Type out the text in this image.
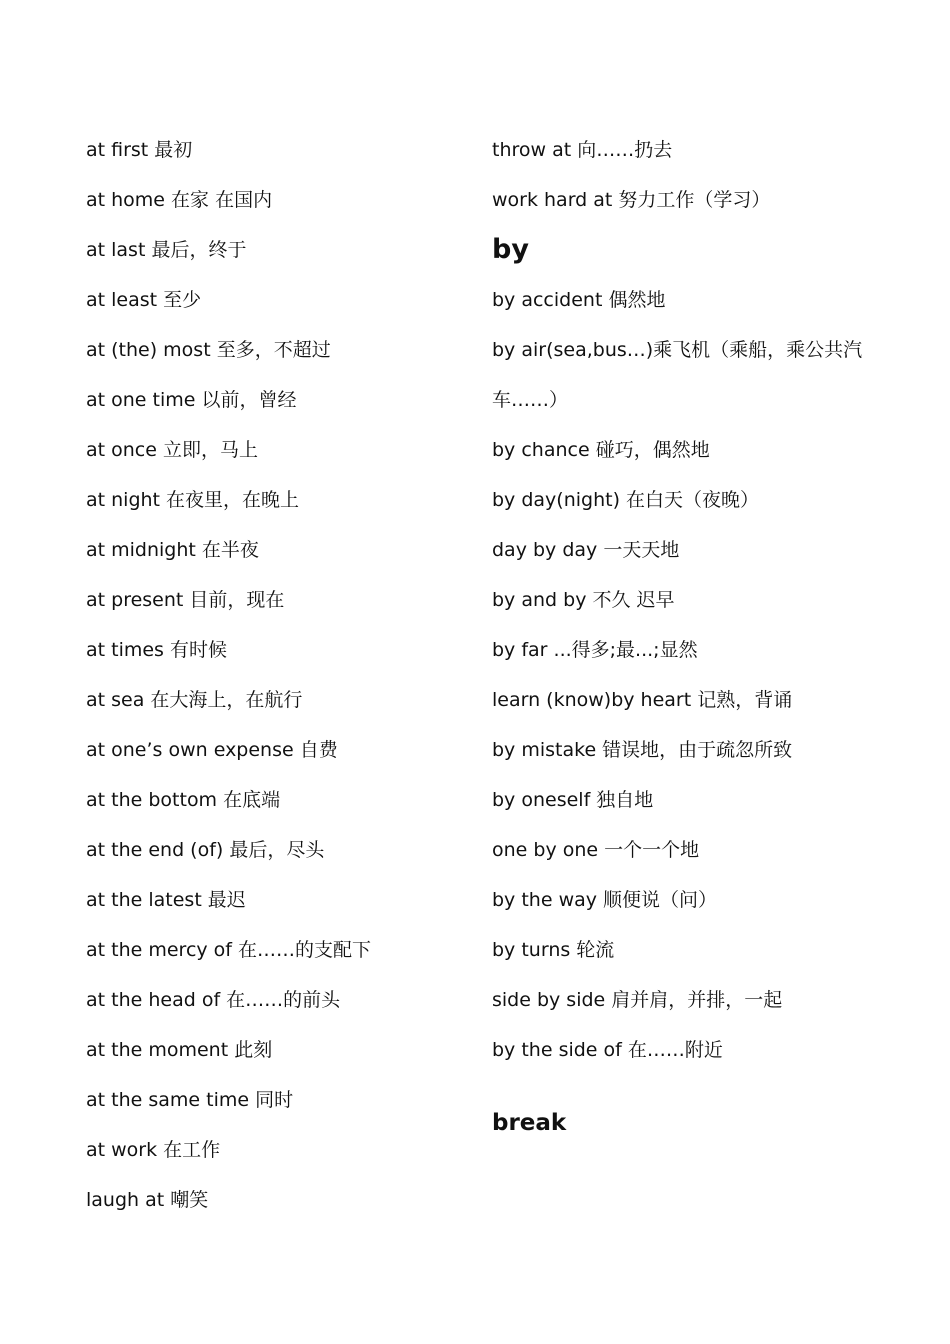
at first 最初
at home 在家 在国内
at last 最后，终于
at least 至少
at (the) most 至多，不超过
at one time 以前，曾经
at once 立即，马上
at night 在夜里，在晚上
at midnight 在半夜
at present 目前，现在
at times 有时候
at sea 在大海上，在航行
at one’s own expense 自费
at the bottom 在底端
at the end (of) 最后，尽头
at the latest 最迟
at the mercy of 在……的支配下
at the head of 在……的前头
at the moment 此刻
at the same time 同时
at work 在工作
laugh at 嘲笑
throw at 向……扔去
work hard at 努力工作（学习）
by
by accident 偶然地
by air(sea,bus…)乘飞机（乘船，乘公共汽
车……）
by chance 碰巧，偶然地
by day(night) 在白天（夜晚）
day by day 一天天地
by and by 不久 迟早
by far ...得多;最...;显然
learn (know)by heart 记熟，背诵
by mistake 错误地，由于疏忽所致
by oneself 独自地
one by one 一个一个地
by the way 顺便说（问）
by turns 轮流
side by side 肩并肩，并排，一起
by the side of 在……附近
break
